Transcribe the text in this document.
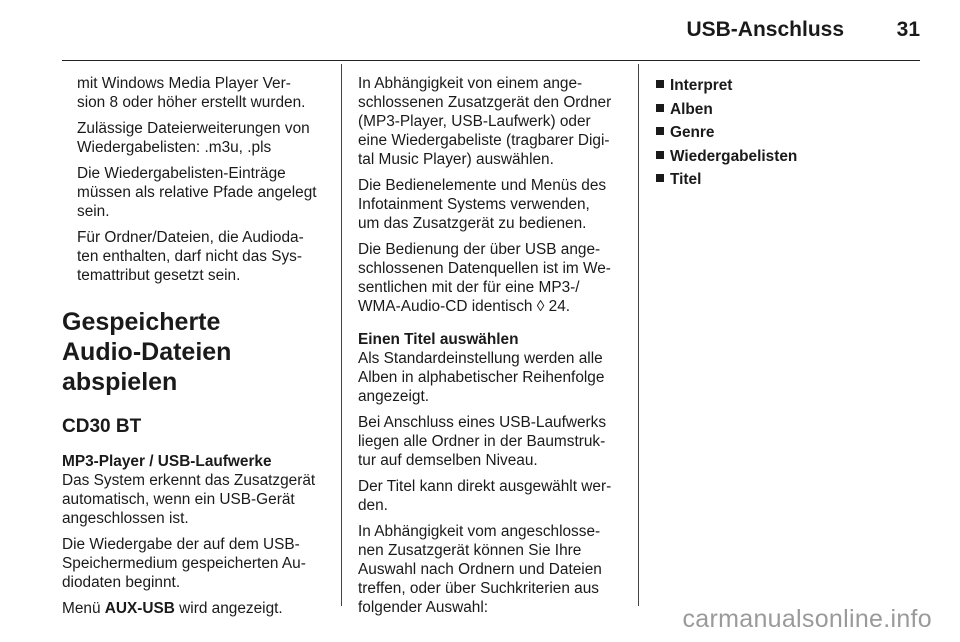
USB-Anschluss	31

mit Windows Media Player Ver-
sion 8 oder höher erstellt wurden.

Zulässige Dateierweiterungen von
Wiedergabelisten: .m3u, .pls

Die Wiedergabelisten-Einträge
müssen als relative Pfade angelegt
sein.

Für Ordner/Dateien, die Audioda-
ten enthalten, darf nicht das Sys-
temattribut gesetzt sein.

Gespeicherte
Audio-Dateien abspielen
CD30 BT
MP3-Player / USB-Laufwerke

Das System erkennt das Zusatzgerät
automatisch, wenn ein USB-Gerät
angeschlossen ist.

Die Wiedergabe der auf dem USB-
Speichermedium gespeicherten Au-
diodaten beginnt.

Menü AUX-USB wird angezeigt.

In Abhängigkeit von einem ange-
schlossenen Zusatzgerät den Ordner
(MP3-Player, USB-Laufwerk) oder
eine Wiedergabeliste (tragbarer Digi-
tal Music Player) auswählen.

Die Bedienelemente und Menüs des
Infotainment Systems verwenden,
um das Zusatzgerät zu bedienen.

Die Bedienung der über USB ange-
schlossenen Datenquellen ist im We-
sentlichen mit der für eine MP3-/
WMA-Audio-CD identisch ◊ 24.

Einen Titel auswählen

Als Standardeinstellung werden alle
Alben in alphabetischer Reihenfolge
angezeigt.

Bei Anschluss eines USB-Laufwerks
liegen alle Ordner in der Baumstruk-
tur auf demselben Niveau.

Der Titel kann direkt ausgewählt wer-
den.

In Abhängigkeit vom angeschlosse-
nen Zusatzgerät können Sie Ihre
Auswahl nach Ordnern und Dateien
treffen, oder über Suchkriterien aus
folgender Auswahl:

Interpret
Alben
Genre
Wiedergabelisten
Titel
carmanualsonline.info
